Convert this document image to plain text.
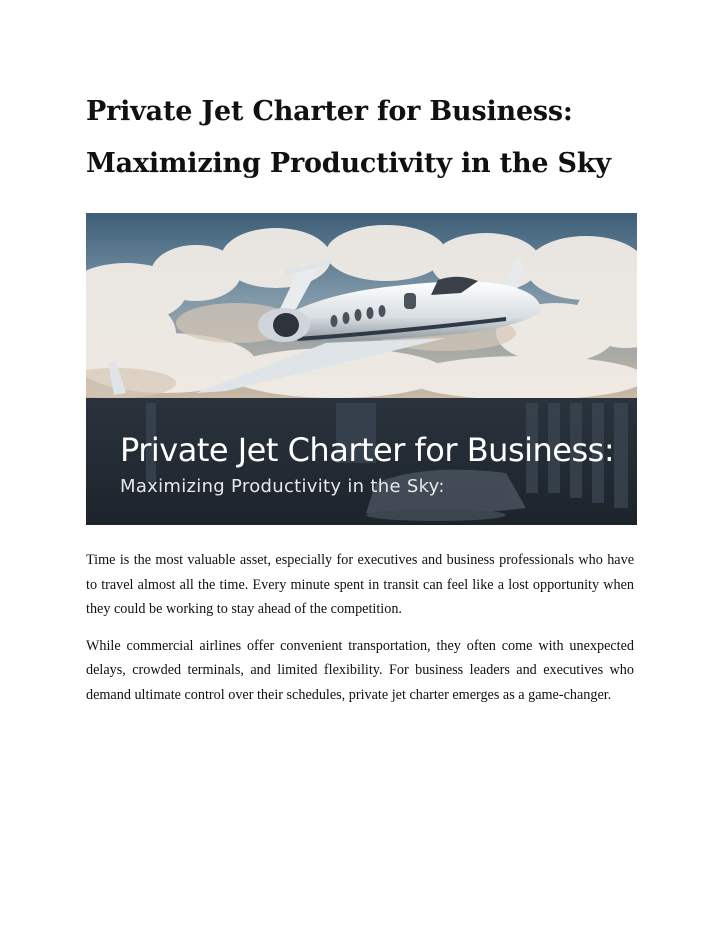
Private Jet Charter for Business:
Maximizing Productivity in the Sky
Private Jet Charter for Business:
Maximizing Productivity in the Sky:

Time is the most valuable asset, especially for executives and business professionals who have to travel almost all the time. Every minute spent in transit can feel like a lost opportunity when they could be working to stay ahead of the competition.

While commercial airlines offer convenient transportation, they often come with unexpected delays, crowded terminals, and limited flexibility. For business leaders and executives who demand ultimate control over their schedules, private jet charter emerges as a game-changer.
